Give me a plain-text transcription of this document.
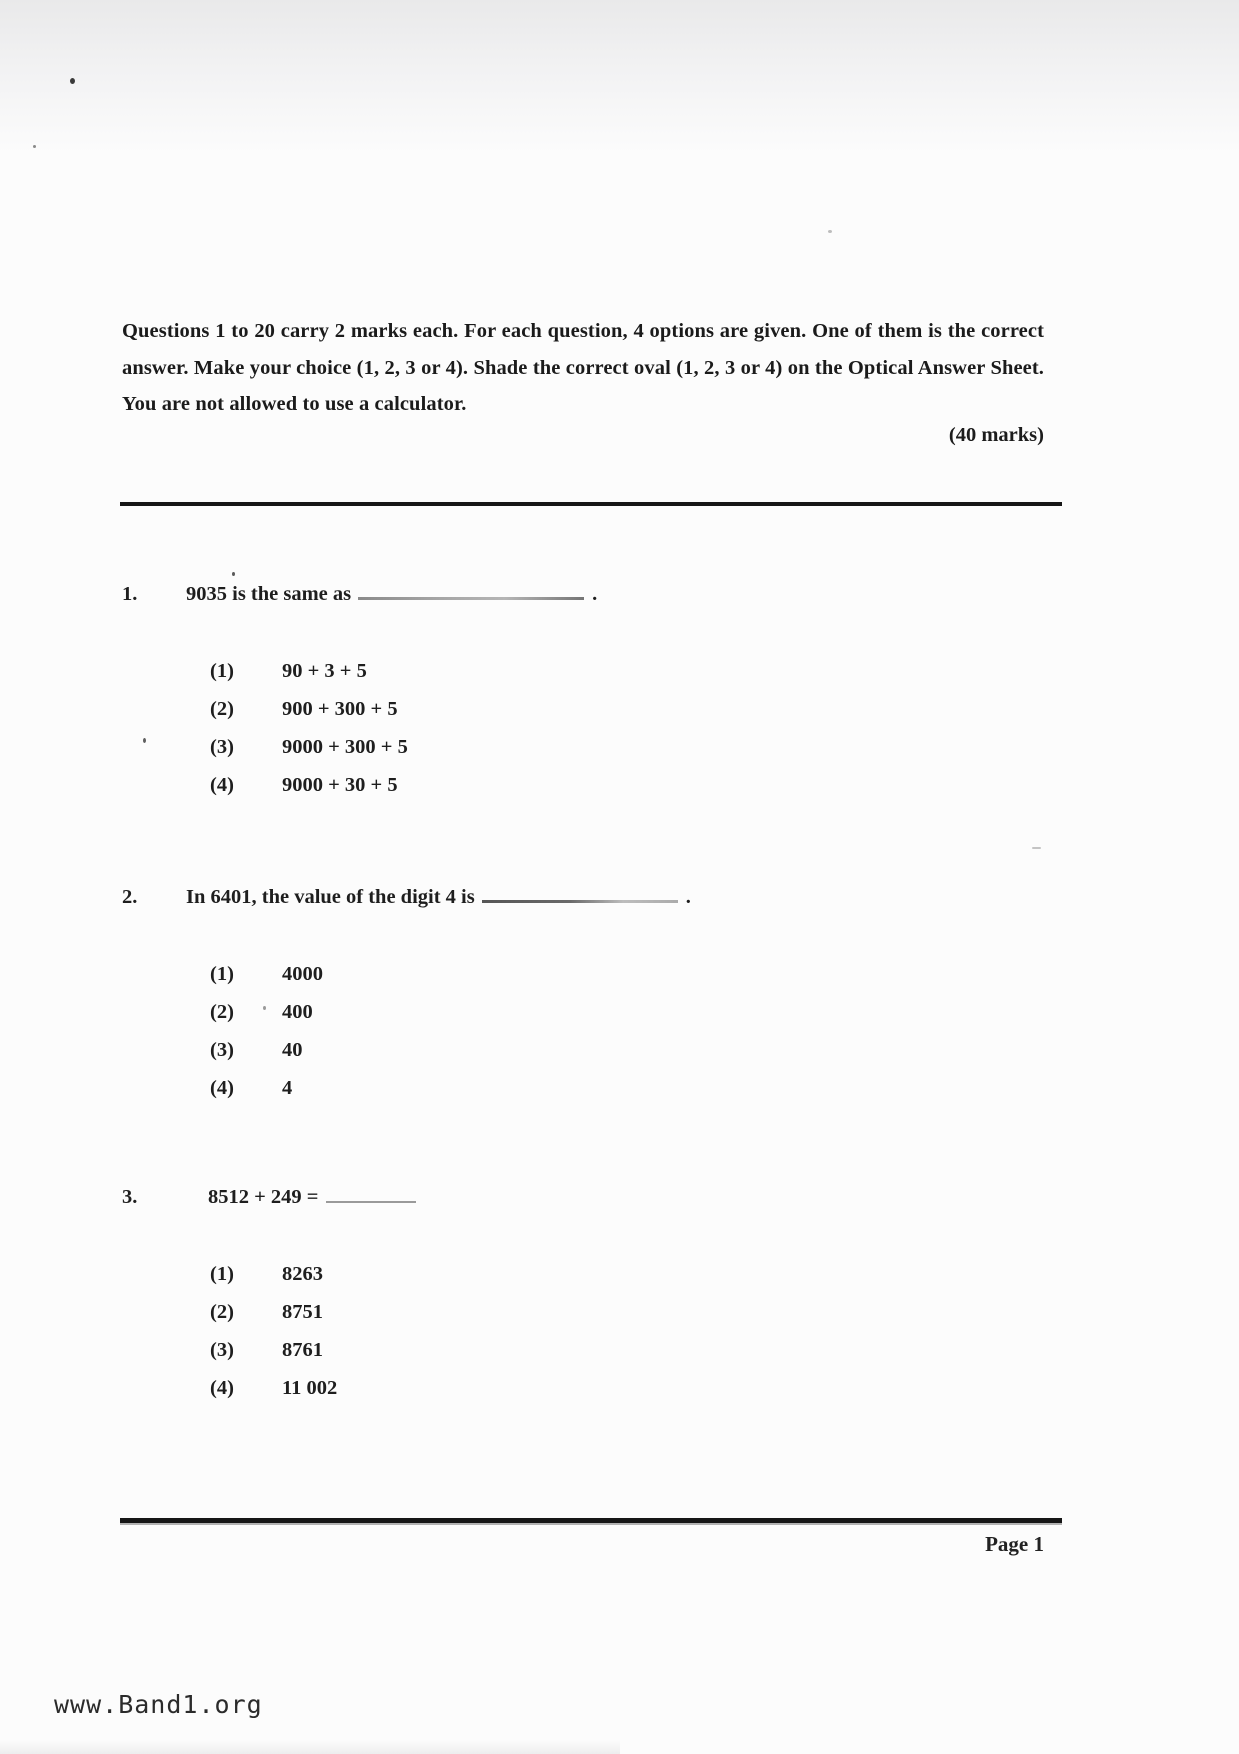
Questions 1 to 20 carry 2 marks each. For each question, 4 options are given. One of them is the correct answer. Make your choice (1, 2, 3 or 4). Shade the correct oval (1, 2, 3 or 4) on the Optical Answer Sheet. You are not allowed to use a calculator.

(40 marks)
1. 9035 is the same as	.
(1)	90 + 3 + 5
(2)	900 + 300 + 5
(3)	9000 + 300 + 5
(4)	9000 + 30 + 5
2. In 6401, the value of the digit 4 is	.
(1)	4000
(2)	400
(3)	40
(4)	4
3.	8512 + 249 =
(1)	8263
(2)	8751
(3)	8761
(4)	11 002
Page 1
www.Band1.org
